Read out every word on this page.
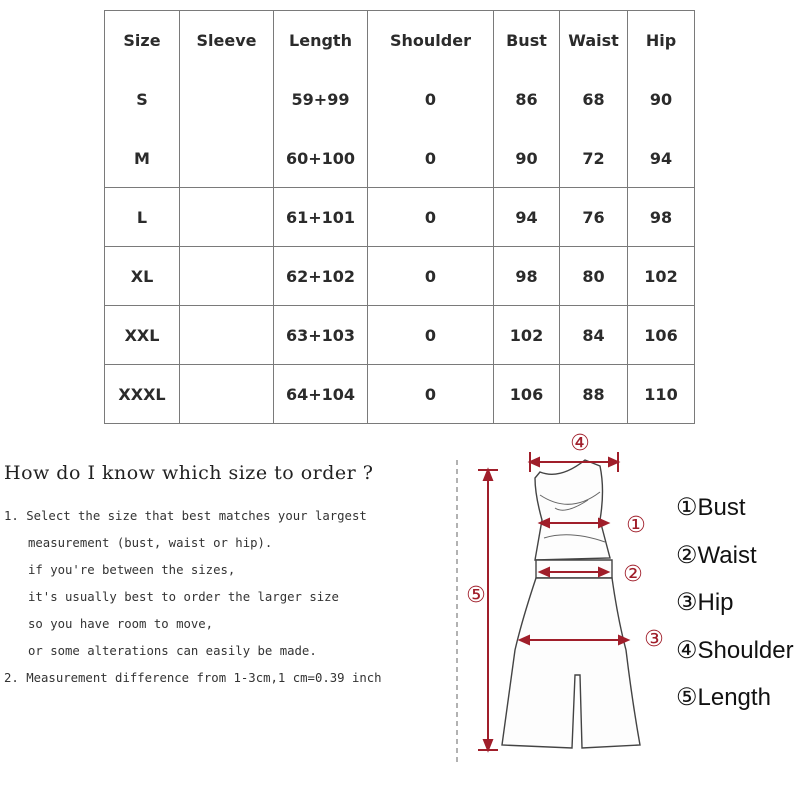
Size	Sleeve	Length	Shoulder	Bust	Waist	Hip
S		59+99	0	86	68	90
M		60+100	0	90	72	94
L		61+101	0	94	76	98
XL		62+102	0	98	80	102
XXL		63+103	0	102	84	106
XXXL		64+104	0	106	88	110
How do I know which size to order ?
1. Select the size that best matches your largest
measurement (bust, waist or hip).
if you're between the sizes,
it's usually best to order the larger size
so you have room to move,
or some alterations can easily be made.
2. Measurement difference from 1-3cm,1 cm=0.39 inch
④
①
②
③
⑤
①Bust
②Waist
③Hip
④Shoulder
⑤Length
